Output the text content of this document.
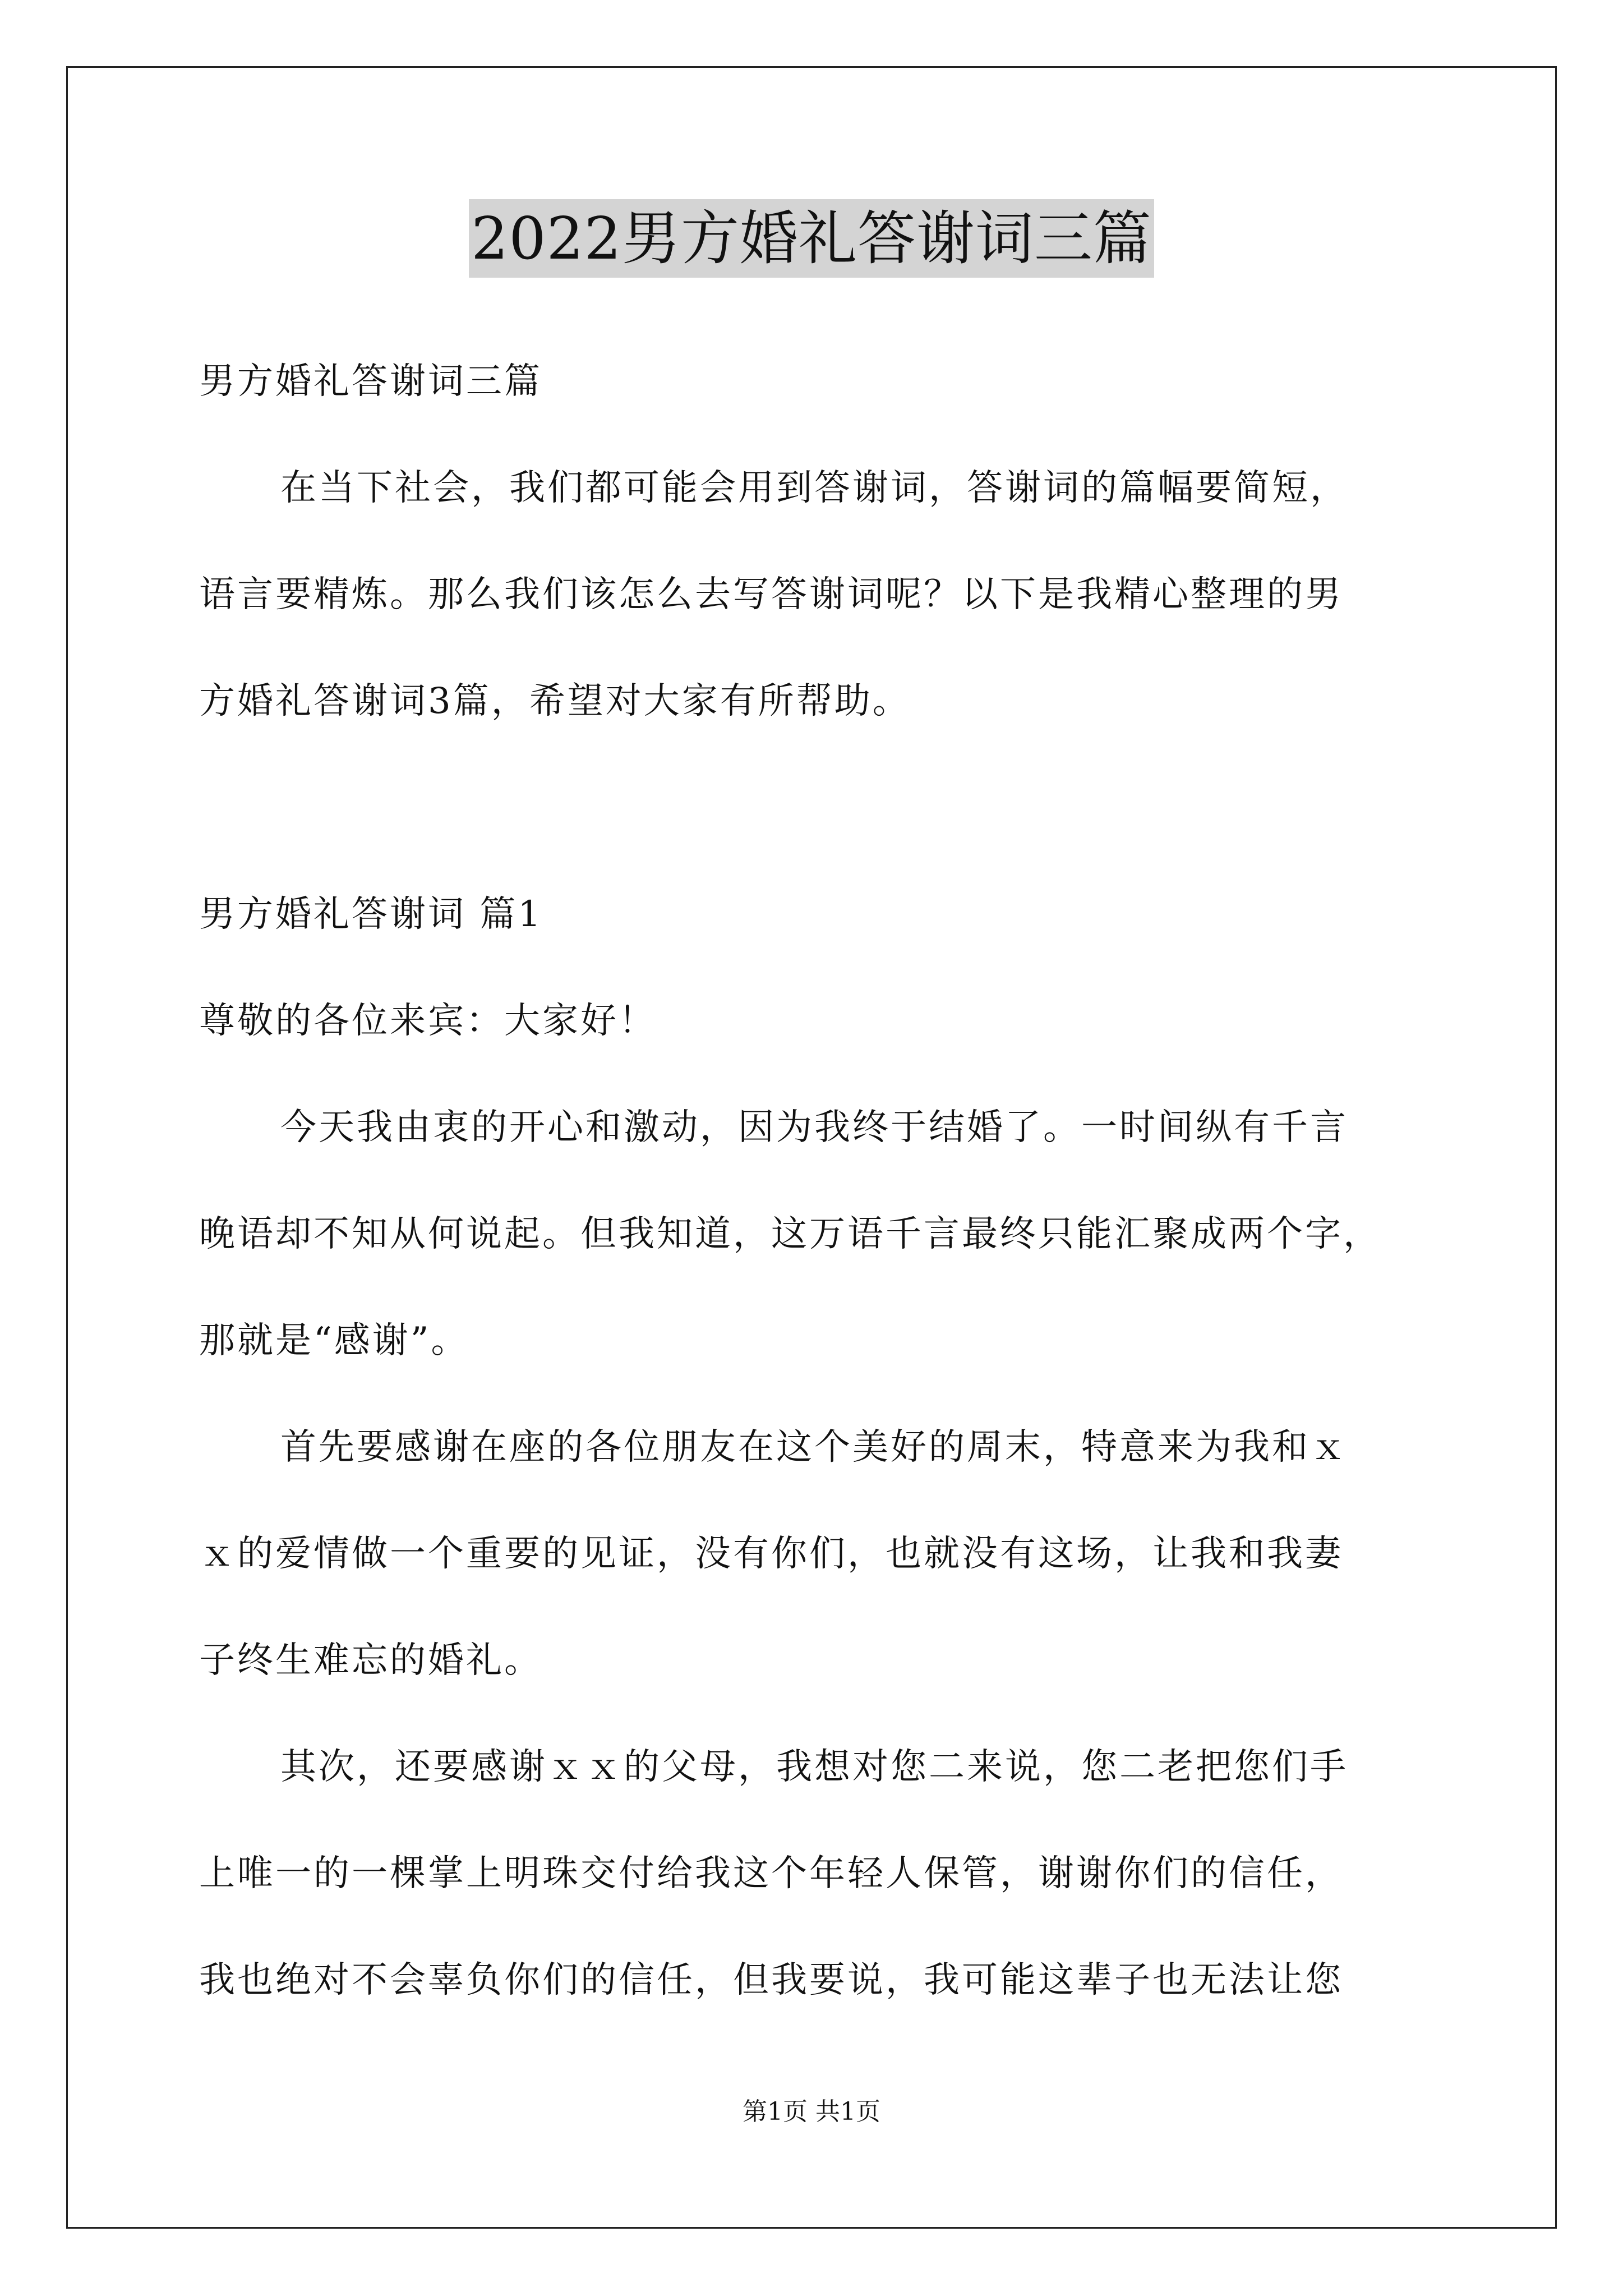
2022男方婚礼答谢词三篇
男方婚礼答谢词三篇
在当下社会，我们都可能会用到答谢词，答谢词的篇幅要简短，
语言要精炼。那么我们该怎么去写答谢词呢？以下是我精心整理的男
方婚礼答谢词3篇，希望对大家有所帮助。
男方婚礼答谢词 篇1
尊敬的各位来宾：大家好！
今天我由衷的开心和激动，因为我终于结婚了。一时间纵有千言
晚语却不知从何说起。但我知道，这万语千言最终只能汇聚成两个字，
那就是“感谢”。
首先要感谢在座的各位朋友在这个美好的周末，特意来为我和ｘ
ｘ的爱情做一个重要的见证，没有你们，也就没有这场，让我和我妻
子终生难忘的婚礼。
其次，还要感谢ｘｘ的父母，我想对您二来说，您二老把您们手
上唯一的一棵掌上明珠交付给我这个年轻人保管，谢谢你们的信任，
我也绝对不会辜负你们的信任，但我要说，我可能这辈子也无法让您
第1页 共1页
